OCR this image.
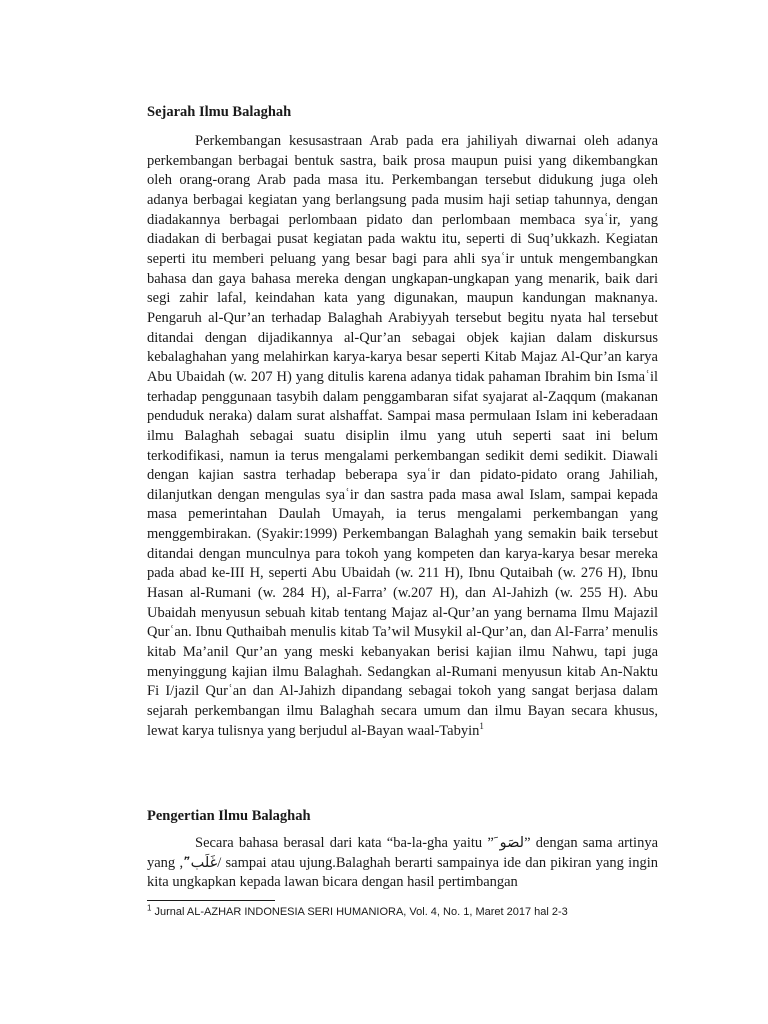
Sejarah Ilmu Balaghah

Perkembangan kesusastraan Arab pada era jahiliyah diwarnai oleh adanya perkembangan berbagai bentuk sastra, baik prosa maupun puisi yang dikembangkan oleh orang-orang Arab pada masa itu. Perkembangan tersebut didukung juga oleh adanya berbagai kegiatan yang berlangsung pada musim haji setiap tahunnya, dengan diadakannya berbagai perlombaan pidato dan perlombaan membaca syaʿir, yang diadakan di berbagai pusat kegiatan pada waktu itu, seperti di Suq’ukkazh. Kegiatan seperti itu memberi peluang yang besar bagi para ahli syaʿir untuk mengembangkan bahasa dan gaya bahasa mereka dengan ungkapan-ungkapan yang menarik, baik dari segi zahir lafal, keindahan kata yang digunakan, maupun kandungan maknanya. Pengaruh al-Qur’an terhadap Balaghah Arabiyyah tersebut begitu nyata hal tersebut ditandai dengan dijadikannya al-Qur’an sebagai objek kajian dalam diskursus kebalaghahan yang melahirkan karya-karya besar seperti Kitab Majaz Al-Qur’an karya Abu Ubaidah (w. 207 H) yang ditulis karena adanya tidak pahaman Ibrahim bin Ismaʿil terhadap penggunaan tasybih dalam penggambaran sifat syajarat al-Zaqqum (makanan penduduk neraka) dalam surat alshaffat. Sampai masa permulaan Islam ini keberadaan ilmu Balaghah sebagai suatu disiplin ilmu yang utuh seperti saat ini belum terkodifikasi, namun ia terus mengalami perkembangan sedikit demi sedikit. Diawali dengan kajian sastra terhadap beberapa syaʿir dan pidato-pidato orang Jahiliah, dilanjutkan dengan mengulas syaʿir dan sastra pada masa awal Islam, sampai kepada masa pemerintahan Daulah Umayah, ia terus mengalami perkembangan yang menggembirakan. (Syakir:1999) Perkembangan Balaghah yang semakin baik tersebut ditandai dengan munculnya para tokoh yang kompeten dan karya-karya besar mereka pada abad ke-III H, seperti Abu Ubaidah (w. 211 H), Ibnu Qutaibah (w. 276 H), Ibnu Hasan al-Rumani (w. 284 H), al-Farra’ (w.207 H), dan Al-Jahizh (w. 255 H). Abu Ubaidah menyusun sebuah kitab tentang Majaz al-Qur’an yang bernama Ilmu Majazil Qurʿan. Ibnu Quthaibah menulis kitab Ta’wil Musykil al-Qur’an, dan Al-Farra’ menulis kitab Ma’anil Qur’an yang meski kebanyakan berisi kajian ilmu Nahwu, tapi juga menyinggung kajian ilmu Balaghah. Sedangkan al-Rumani menyusun kitab An-Naktu Fi I/jazil Qurʿan dan Al-Jahizh dipandang sebagai tokoh yang sangat berjasa dalam sejarah perkembangan ilmu Balaghah secara umum dan ilmu Bayan secara khusus, lewat karya tulisnya yang berjudul al-Bayan waal-Tabyin$^1$

Pengertian Ilmu Balaghah

Secara bahasa berasal dari kata “ba-la-gha yaitu ” َلصَو” dengan sama artinya yang ,”َغَلَب/ sampai atau ujung.Balaghah berarti sampainya ide dan pikiran yang ingin kita ungkapkan kepada lawan bicara dengan hasil pertimbangan

$^1$ Jurnal AL-AZHAR INDONESIA SERI HUMANIORA, Vol. 4, No. 1, Maret 2017 hal 2-3
